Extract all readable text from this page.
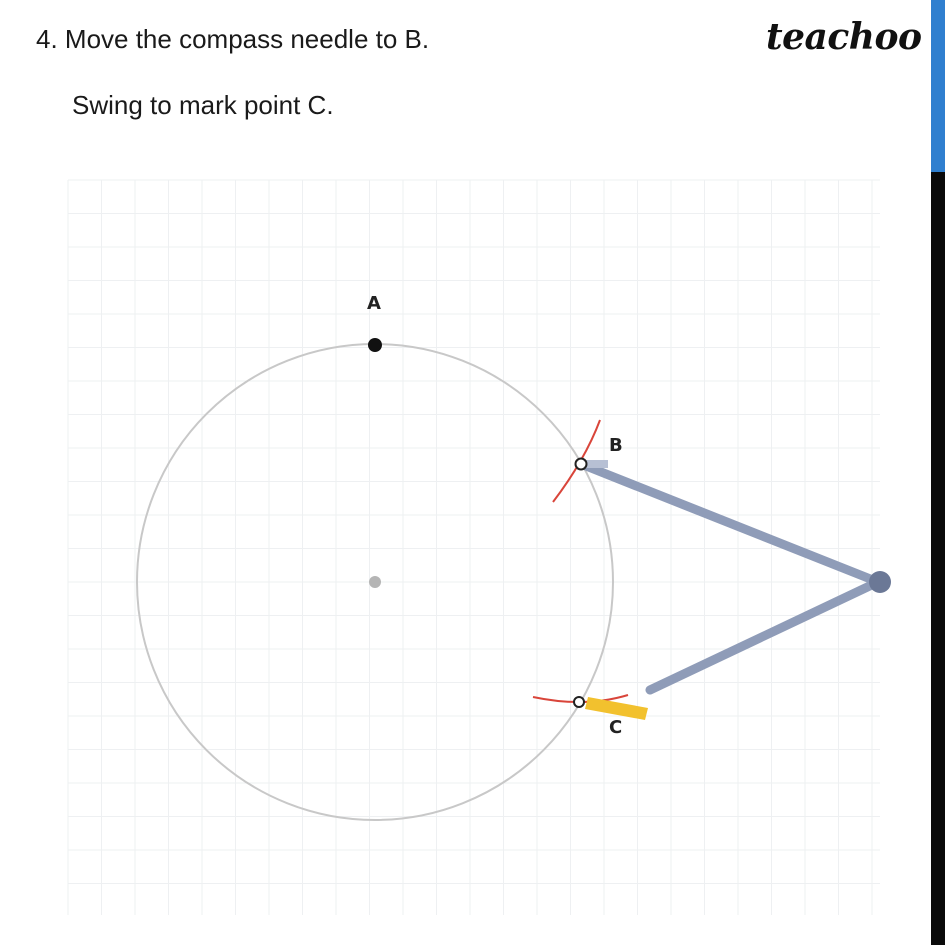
4. Move the compass needle to B.
Swing to mark point C.
teachoo
A
B
C
